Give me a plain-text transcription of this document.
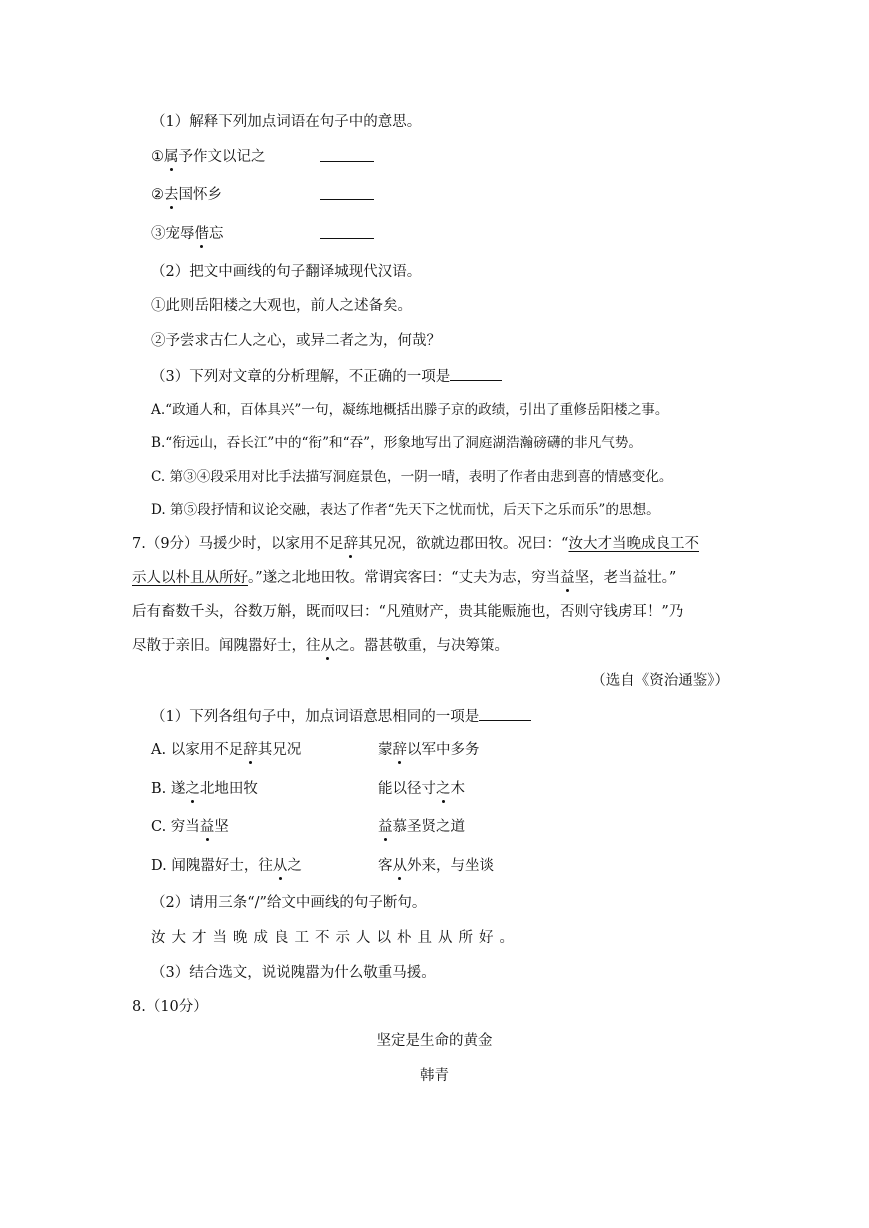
（1）解释下列加点词语在句子中的意思。
①属予作文以记之
②去国怀乡
③宠辱偕忘
（2）把文中画线的句子翻译城现代汉语。
①此则岳阳楼之大观也，前人之述备矣。
②予尝求古仁人之心，或异二者之为，何哉？
（3）下列对文章的分析理解，不正确的一项是
A.“政通人和，百体具兴”一句，凝练地概括出滕子京的政绩，引出了重修岳阳楼之事。
B.“衔远山，吞长江”中的“衔”和“吞”，形象地写出了洞庭湖浩瀚磅礴的非凡气势。
C. 第③④段采用对比手法描写洞庭景色，一阴一晴，表明了作者由悲到喜的情感变化。
D. 第⑤段抒情和议论交融，表达了作者“先天下之忧而忧，后天下之乐而乐”的思想。
7.（9分）马援少时，以家用不足辞其兄况，欲就边郡田牧。况曰：“汝大才当晚成良工不
示人以朴且从所好。”遂之北地田牧。常谓宾客曰：“丈夫为志，穷当益坚，老当益壮。”
后有畜数千头，谷数万斛，既而叹曰：“凡殖财产，贵其能赈施也，否则守钱虏耳！”乃
尽散于亲旧。闻隗嚣好士，往从之。嚣甚敬重，与决筹策。
（选自《资治通鉴》）
（1）下列各组句子中，加点词语意思相同的一项是
A. 以家用不足辞其兄况	蒙辞以军中多务
B. 遂之北地田牧	能以径寸之木
C. 穷当益坚	益慕圣贤之道
D. 闻隗嚣好士，往从之	客从外来，与坐谈
（2）请用三条“/”给文中画线的句子断句。
汝大才当晚成良工不示人以朴且从所好。
（3）结合选文，说说隗嚣为什么敬重马援。
8.（10分）
坚定是生命的黄金
韩青
